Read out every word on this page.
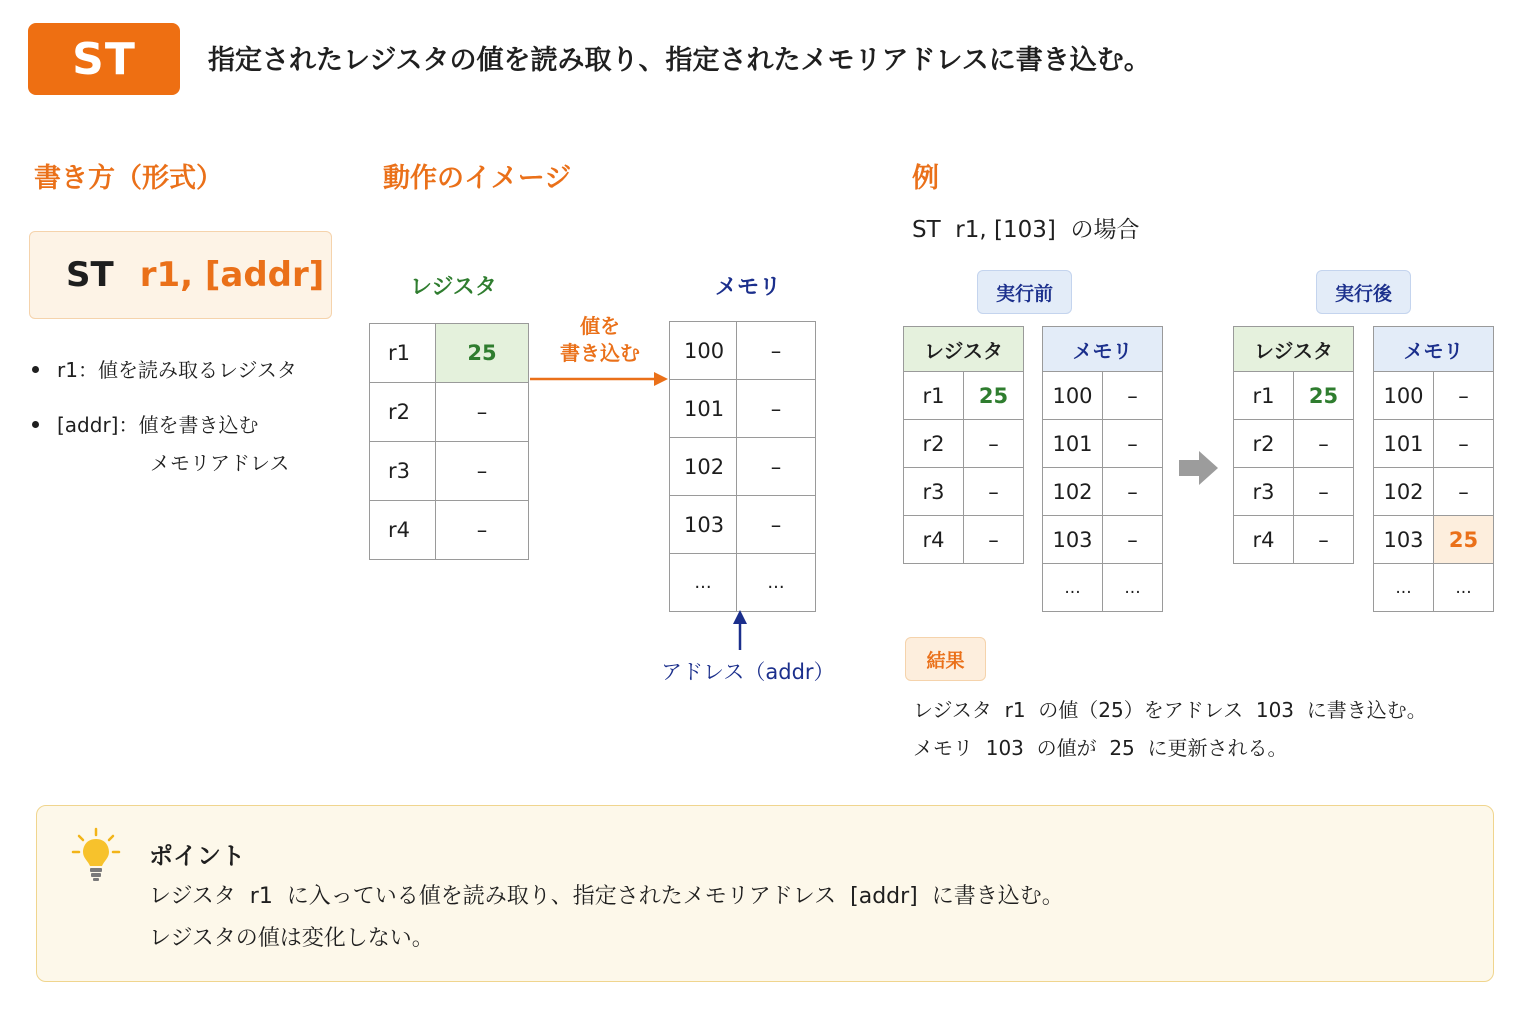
ST	指定されたレジスタの値を読み取り、指定されたメモリアドレスに書き込む。
書き方（形式）
ST r1, [addr]
r1：値を読み取るレジスタ
[addr]：値を書き込む
メモリアドレス
動作のイメージ
レジスタ	メモリ
r1	25
r2	–
r3	–
r4	–
100	–
101	–
102	–
103	–
...	...
値を
書き込む
アドレス（addr）
例
ST  r1, [103]  の場合
実行前	実行後
レジスタ	
r1	25
r2	–
r3	–
r4	–
メモリ	
100	–
101	–
102	–
103	–
...	...
レジスタ	
r1	25
r2	–
r3	–
r4	–
メモリ	
100	–
101	–
102	–
103	25
...	...
結果
レジスタ  r1  の値（25）をアドレス  103  に書き込む。
メモリ  103  の値が  25  に更新される。
ポイント
レジスタ  r1  に入っている値を読み取り、指定されたメモリアドレス  [addr]  に書き込む。
レジスタの値は変化しない。
